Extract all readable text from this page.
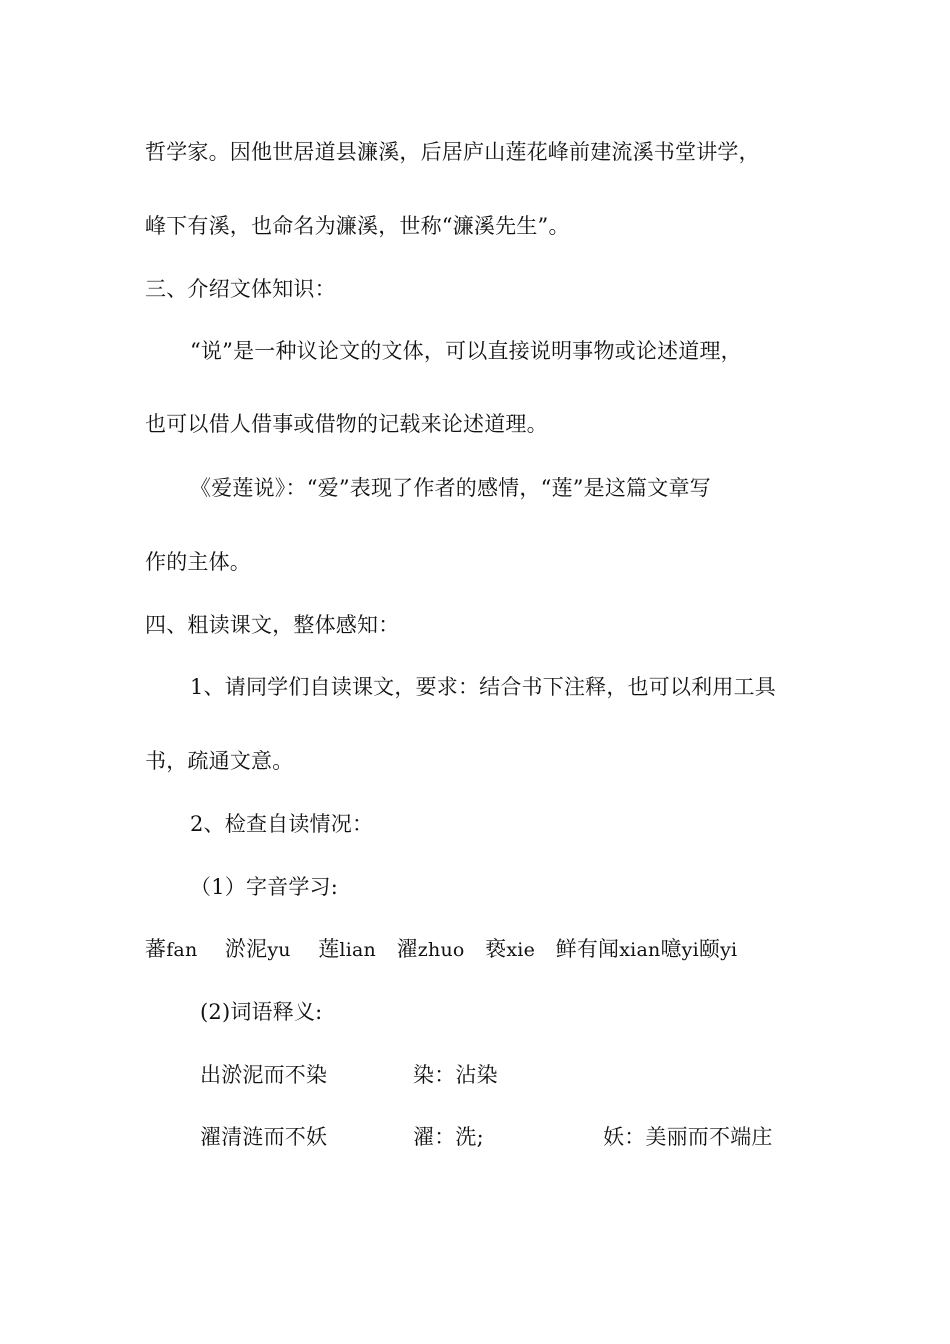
哲学家。因他世居道县濂溪，后居庐山莲花峰前建流溪书堂讲学，
峰下有溪，也命名为濂溪，世称“濂溪先生”。
三、介绍文体知识：
“说”是一种议论文的文体，可以直接说明事物或论述道理，
也可以借人借事或借物的记载来论述道理。
《爱莲说》：“爱”表现了作者的感情，“莲”是这篇文章写
作的主体。
四、粗读课文，整体感知：
1、请同学们自读课文，要求：结合书下注释，也可以利用工具
书，疏通文意。
2、检查自读情况：
（1）字音学习:
蕃fan 淤泥yu 莲lian 濯zhuo 亵xie 鲜有闻xian噫yi颐yi
(2)词语释义:
出淤泥而不染	染：沾染
濯清涟而不妖	濯：洗;	妖：美丽而不端庄
